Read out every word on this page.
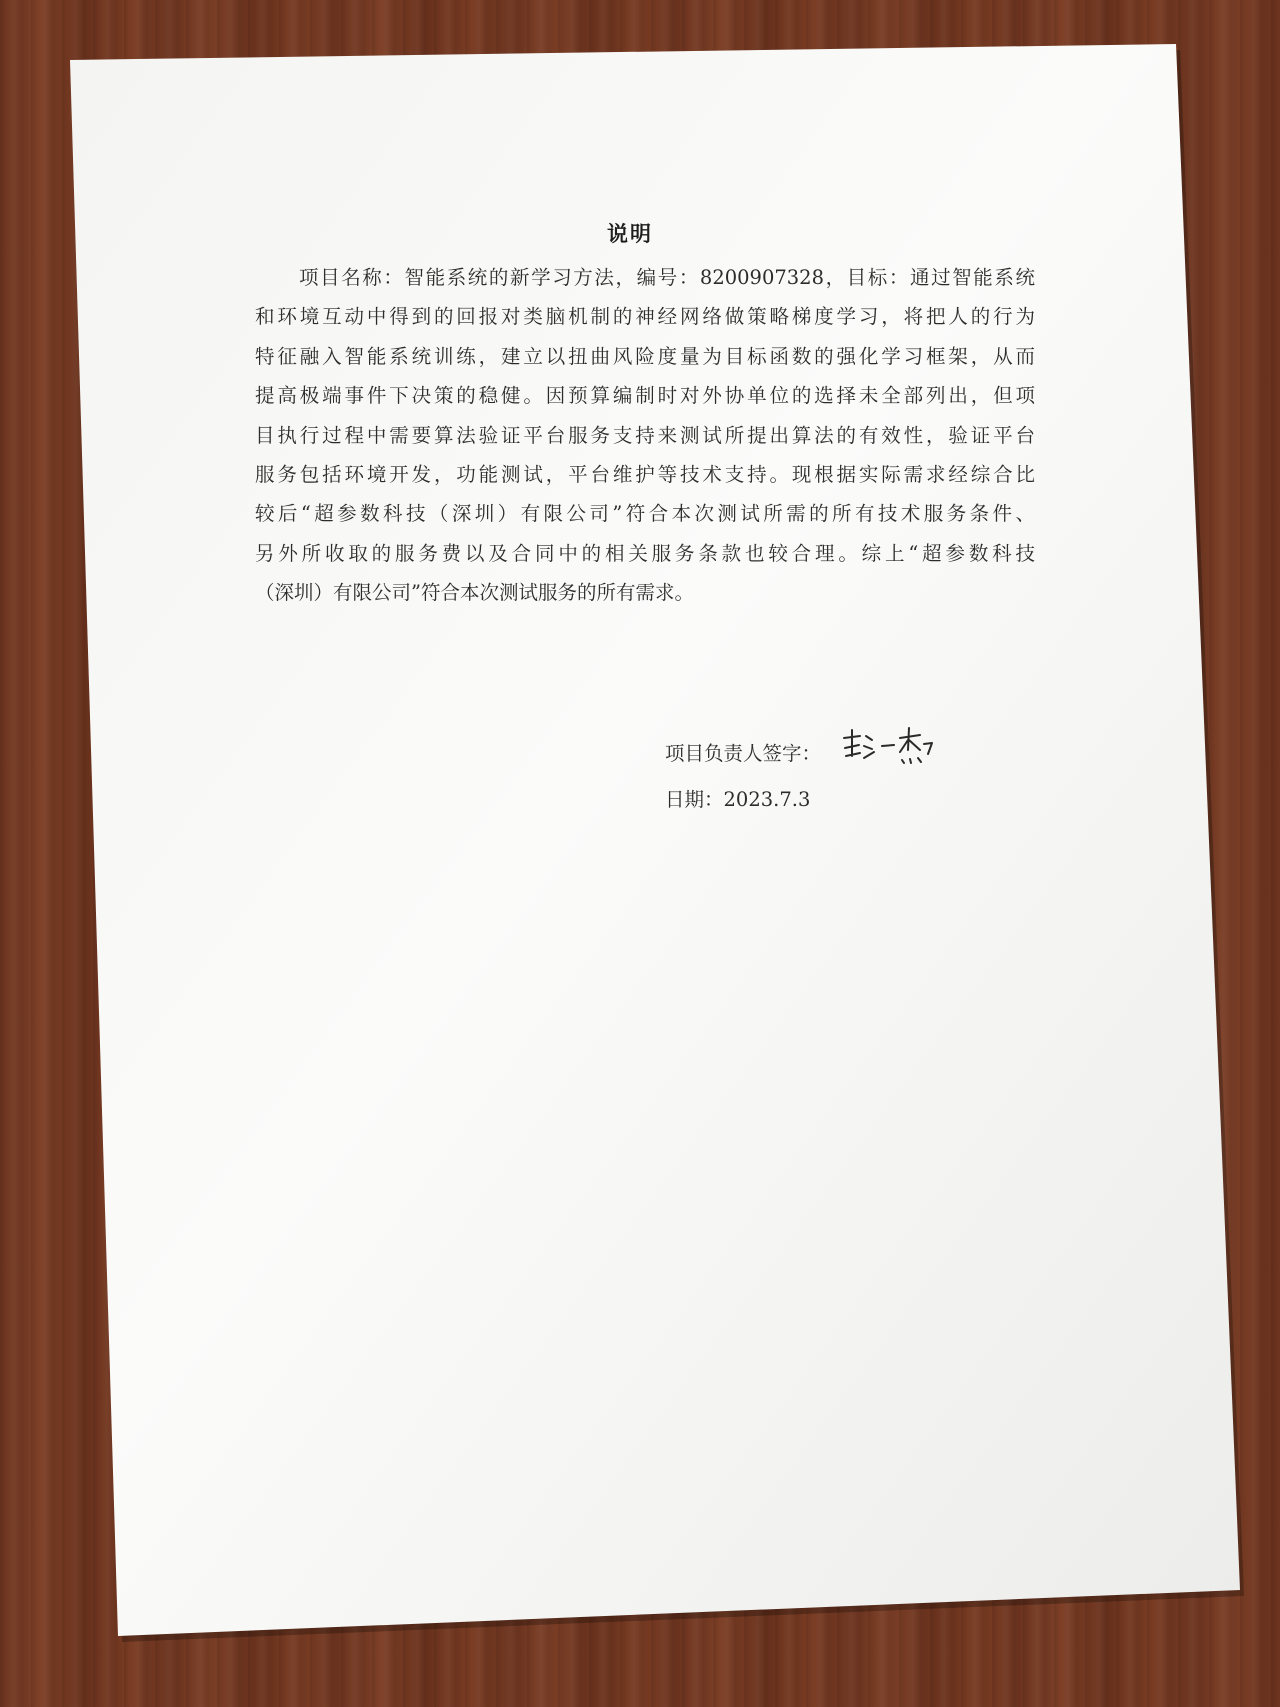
说明
项目名称：智能系统的新学习方法，编号：8200907328，目标：通过智能系统
和环境互动中得到的回报对类脑机制的神经网络做策略梯度学习，将把人的行为
特征融入智能系统训练，建立以扭曲风险度量为目标函数的强化学习框架，从而
提高极端事件下决策的稳健。因预算编制时对外协单位的选择未全部列出，但项
目执行过程中需要算法验证平台服务支持来测试所提出算法的有效性，验证平台
服务包括环境开发，功能测试，平台维护等技术支持。现根据实际需求经综合比
较后“超参数科技（深圳）有限公司”符合本次测试所需的所有技术服务条件、
另外所收取的服务费以及合同中的相关服务条款也较合理。综上“超参数科技
（深圳）有限公司”符合本次测试服务的所有需求。
项目负责人签字：
日期：2023.7.3
